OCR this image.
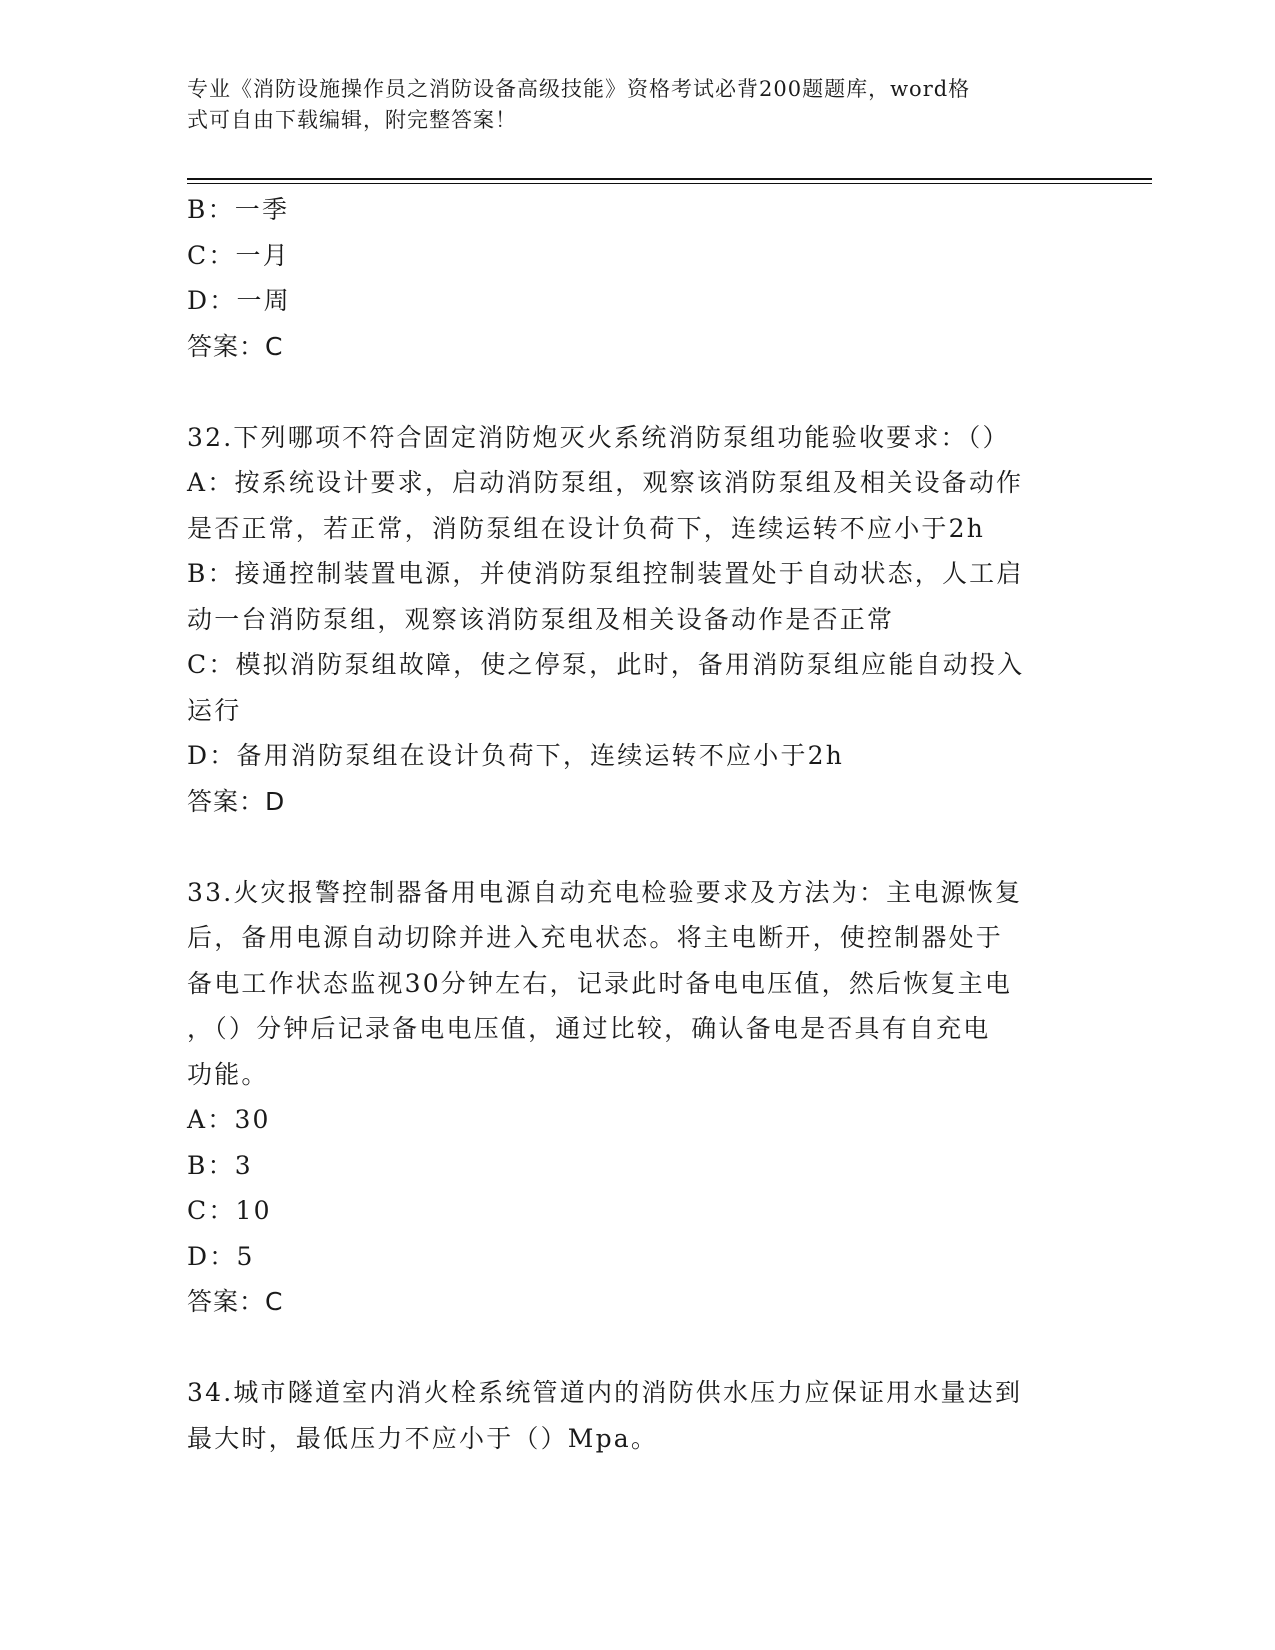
专业《消防设施操作员之消防设备高级技能》资格考试必背200题题库，word格
式可自由下载编辑，附完整答案！
B：一季
C：一月
D：一周
答案：C
32.下列哪项不符合固定消防炮灭火系统消防泵组功能验收要求：（）
A：按系统设计要求，启动消防泵组，观察该消防泵组及相关设备动作
是否正常，若正常，消防泵组在设计负荷下，连续运转不应小于2h
B：接通控制装置电源，并使消防泵组控制装置处于自动状态，人工启
动一台消防泵组，观察该消防泵组及相关设备动作是否正常
C：模拟消防泵组故障，使之停泵，此时，备用消防泵组应能自动投入
运行
D：备用消防泵组在设计负荷下，连续运转不应小于2h
答案：D
33.火灾报警控制器备用电源自动充电检验要求及方法为：主电源恢复
后，备用电源自动切除并进入充电状态。将主电断开，使控制器处于
备电工作状态监视30分钟左右，记录此时备电电压值，然后恢复主电
，（）分钟后记录备电电压值，通过比较，确认备电是否具有自充电
功能。
A：30
B：3
C：10
D：5
答案：C
34.城市隧道室内消火栓系统管道内的消防供水压力应保证用水量达到
最大时，最低压力不应小于（）Mpa。
